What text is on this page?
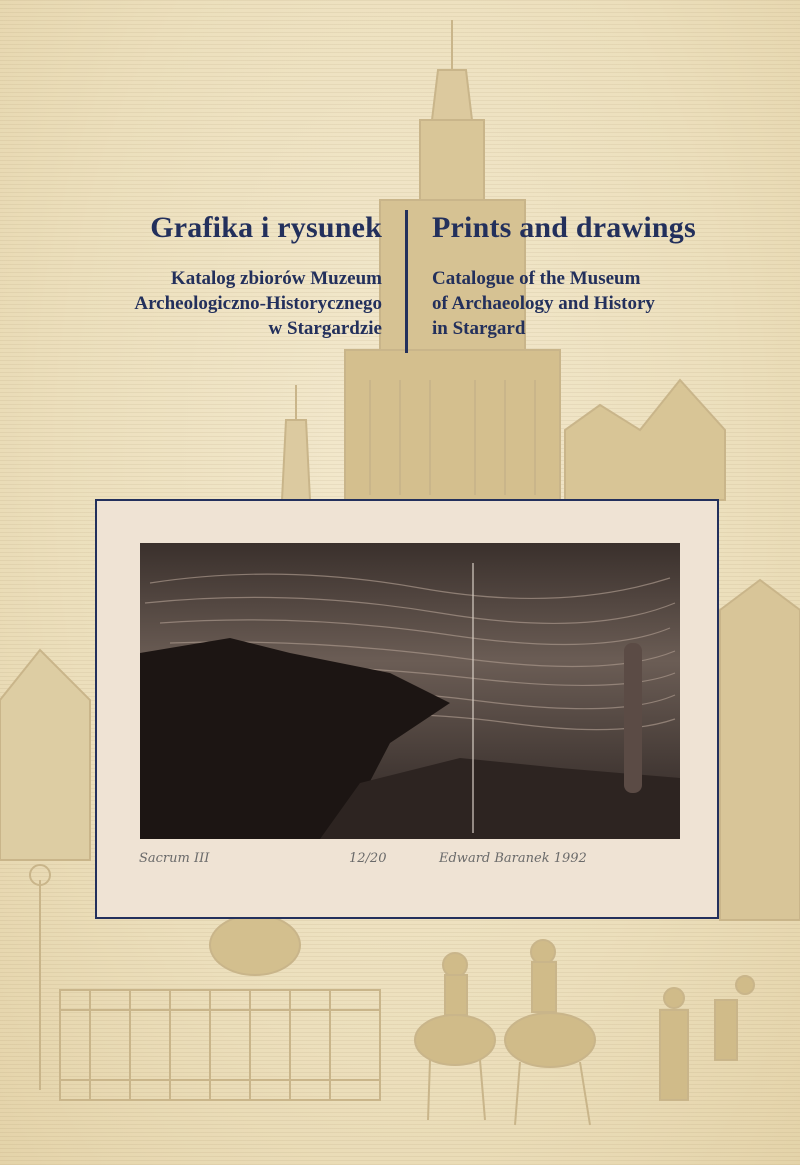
Grafika i rysunek
Katalog zbiorów Muzeum
Archeologiczno-Historycznego
w Stargardzie
Prints and drawings
Catalogue of the Museum
of Archaeology and History
in Stargard
Sacrum III	12/20	Edward Baranek 1992
